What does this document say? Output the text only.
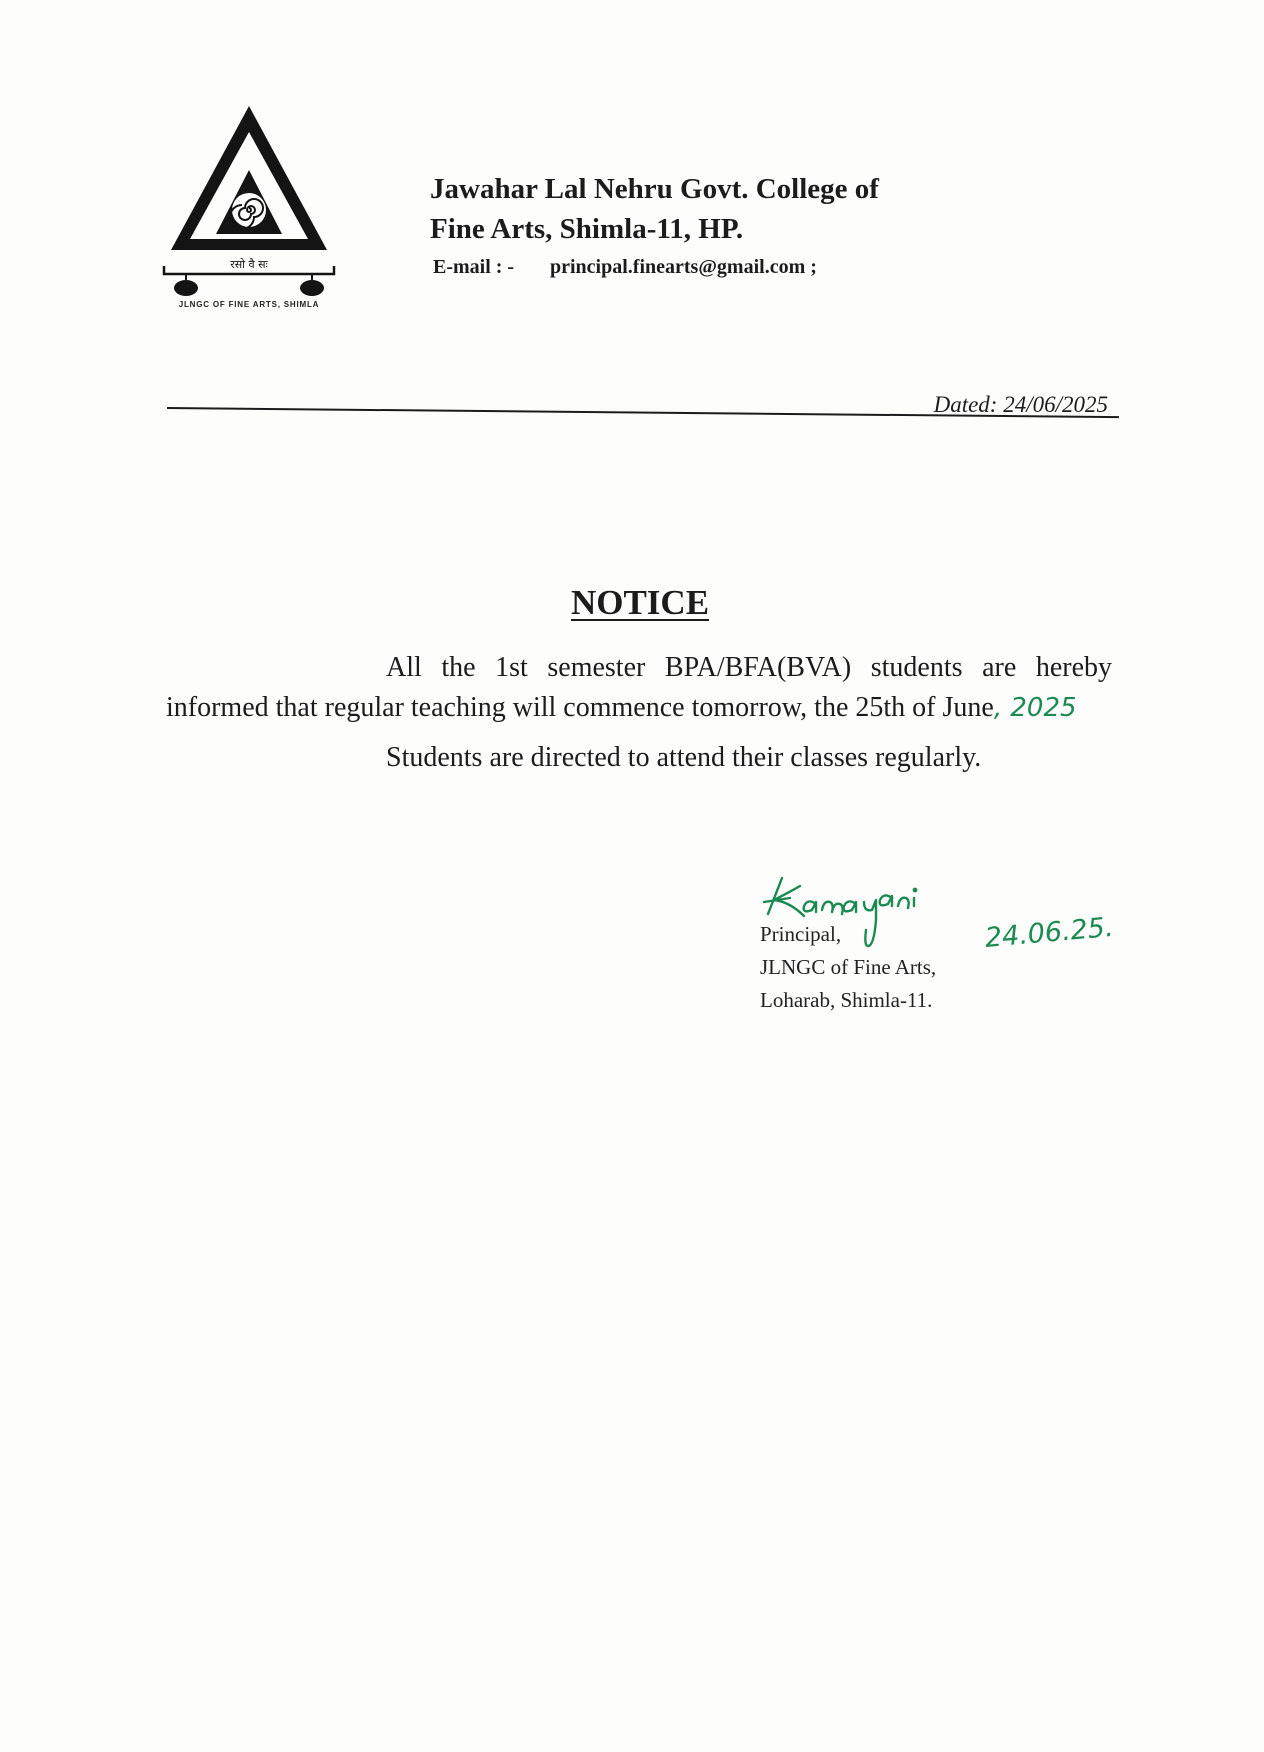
रसो वै सः
JLNGC OF FINE ARTS, SHIMLA
Jawahar Lal Nehru Govt. College of
Fine Arts, Shimla-11, HP.
E-mail : - principal.finearts@gmail.com ;
Dated: 24/06/2025
NOTICE

All the 1st semester BPA/BFA(BVA) students are hereby informed that regular teaching will commence tomorrow, the 25th of June, 2025

Students are directed to attend their classes regularly.

24.06.25.
Principal,
JLNGC of Fine Arts,
Loharab, Shimla-11.
